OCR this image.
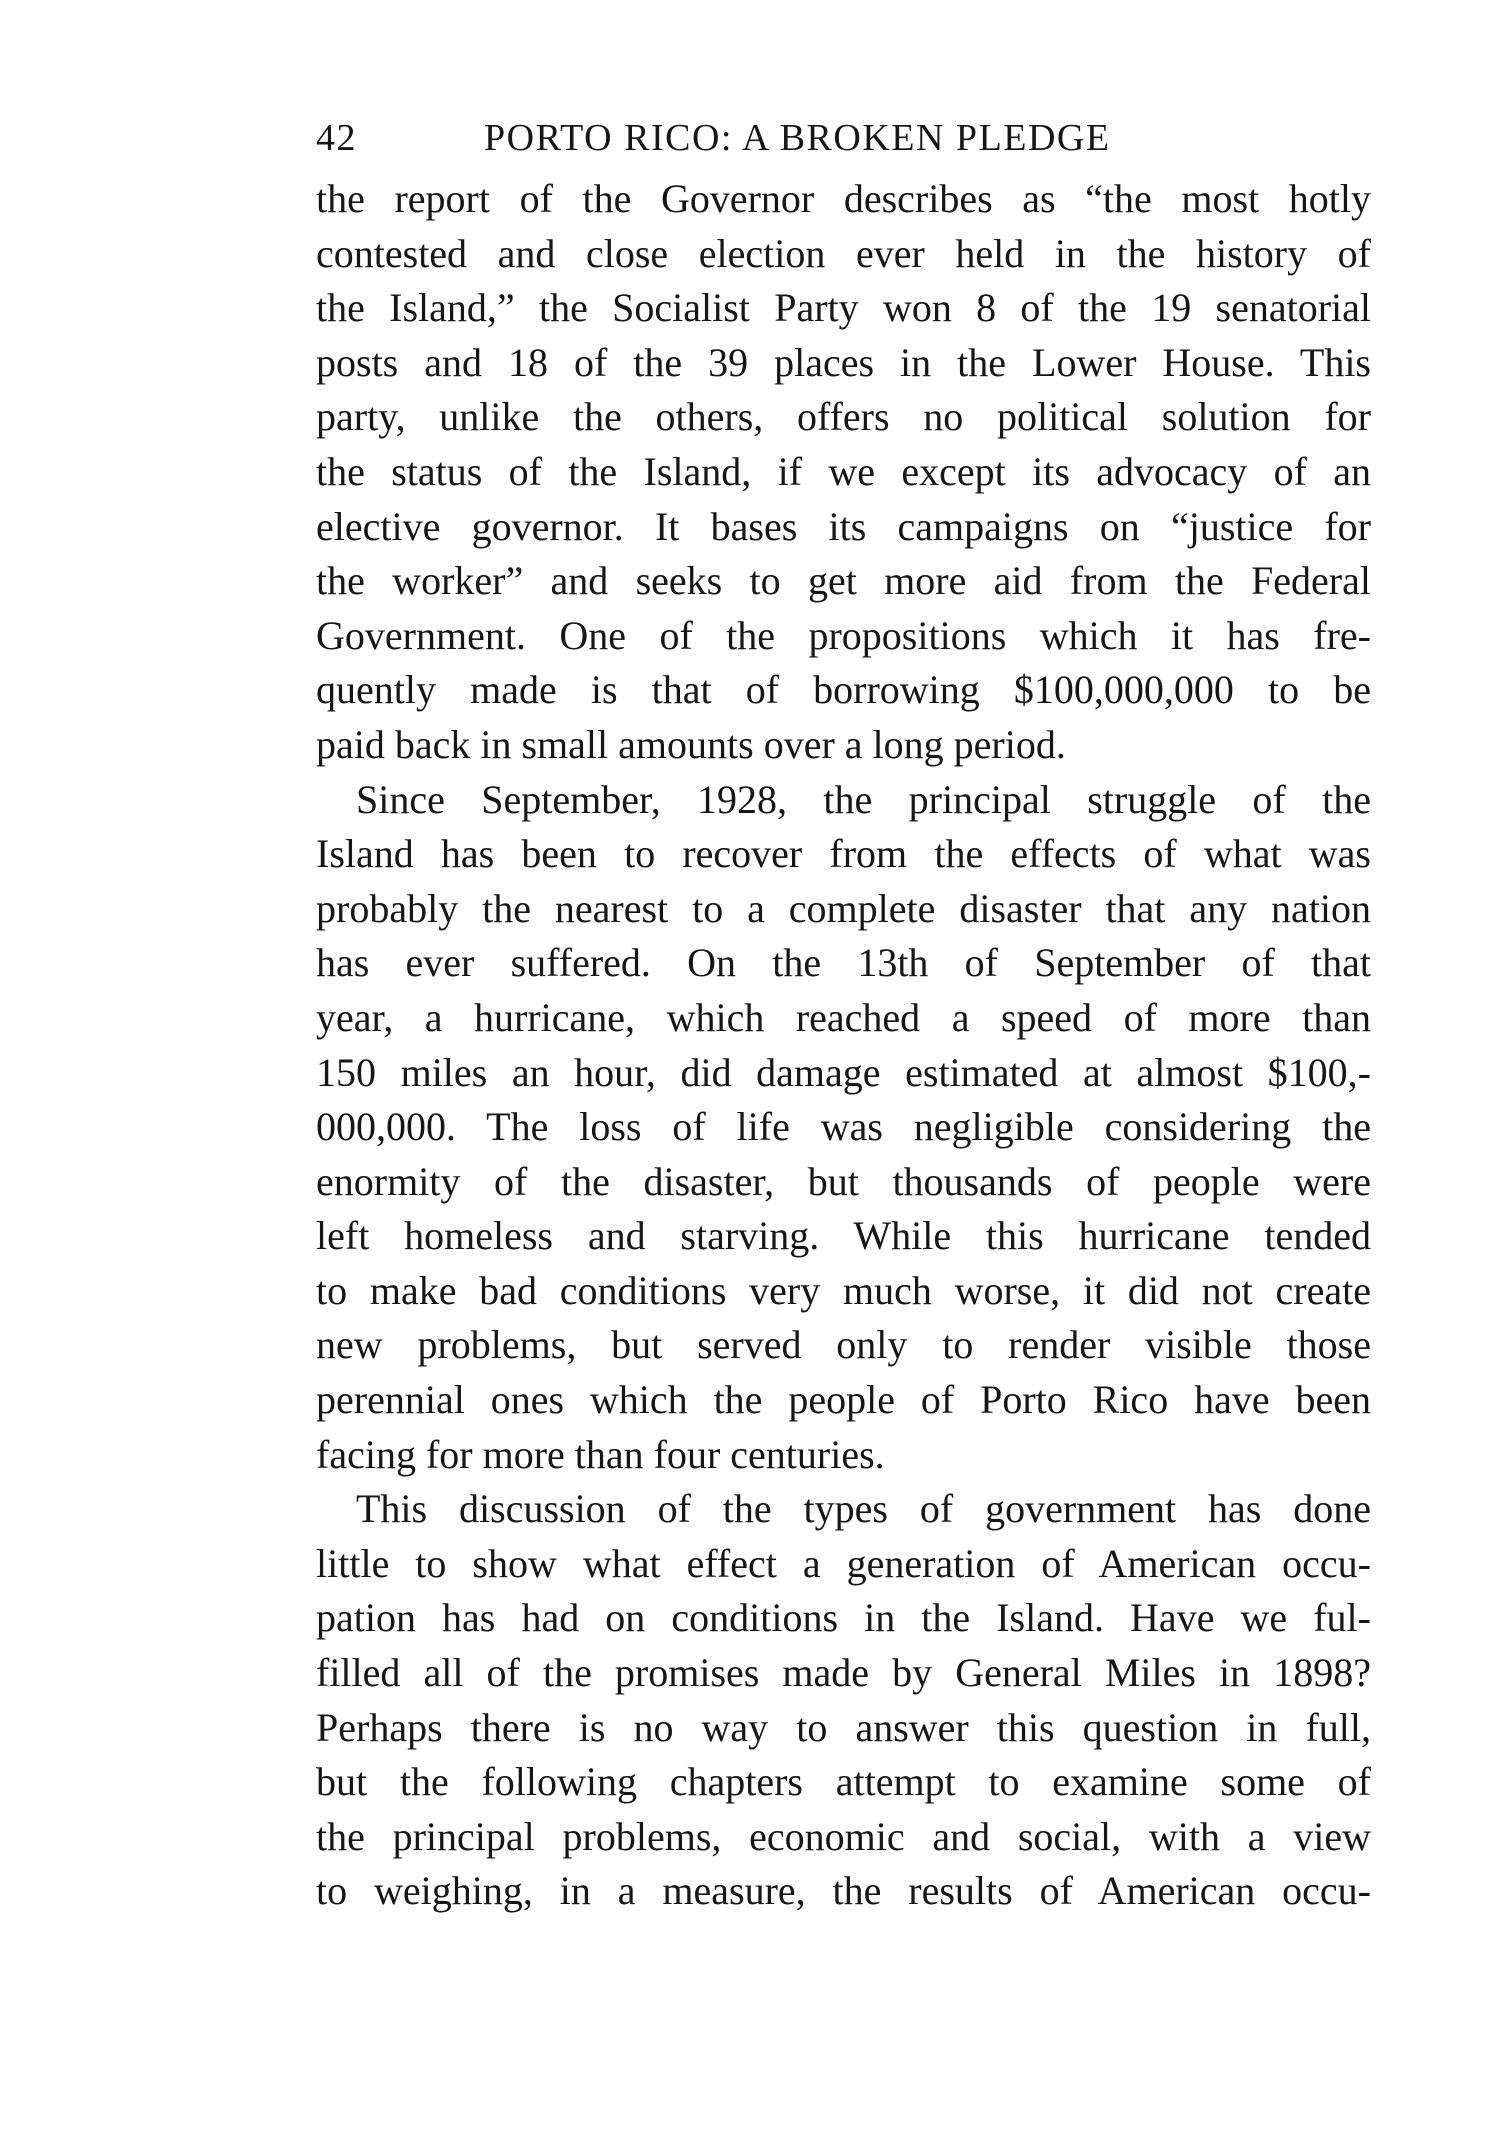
42	PORTO RICO: A BROKEN PLEDGE
the report of the Governor describes as “the most hotly
contested and close election ever held in the history of
the Island,” the Socialist Party won 8 of the 19 senatorial
posts and 18 of the 39 places in the Lower House. This
party, unlike the others, offers no political solution for
the status of the Island, if we except its advocacy of an
elective governor. It bases its campaigns on “justice for
the worker” and seeks to get more aid from the Federal
Government. One of the propositions which it has fre-
quently made is that of borrowing $100,000,000 to be
paid back in small amounts over a long period.
Since September, 1928, the principal struggle of the
Island has been to recover from the effects of what was
probably the nearest to a complete disaster that any nation
has ever suffered. On the 13th of September of that
year, a hurricane, which reached a speed of more than
150 miles an hour, did damage estimated at almost $100,-
000,000. The loss of life was negligible considering the
enormity of the disaster, but thousands of people were
left homeless and starving. While this hurricane tended
to make bad conditions very much worse, it did not create
new problems, but served only to render visible those
perennial ones which the people of Porto Rico have been
facing for more than four centuries.
This discussion of the types of government has done
little to show what effect a generation of American occu-
pation has had on conditions in the Island. Have we ful-
filled all of the promises made by General Miles in 1898?
Perhaps there is no way to answer this question in full,
but the following chapters attempt to examine some of
the principal problems, economic and social, with a view
to weighing, in a measure, the results of American occu-
